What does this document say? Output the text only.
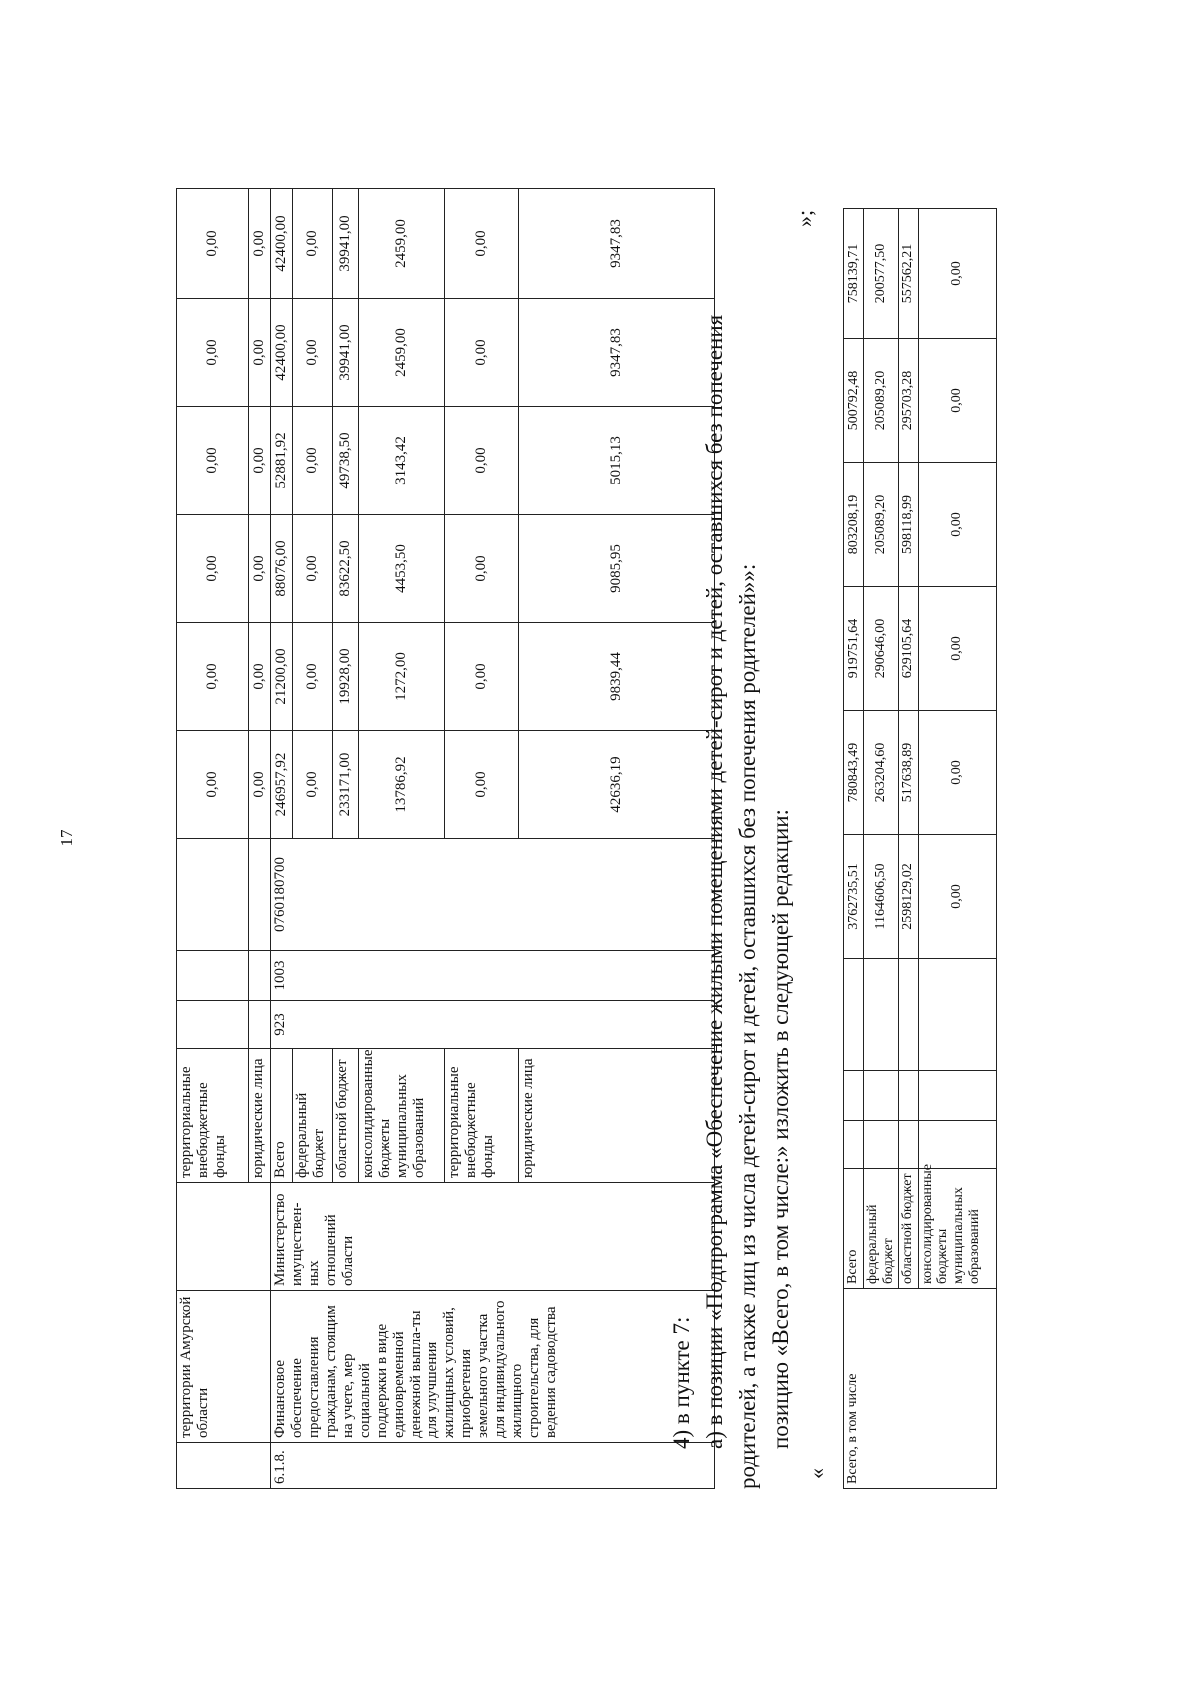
17
	территории Амурской области		территориальные внебюджетные фонды				0,00	0,00	0,00	0,00	0,00	0,00
			юридические лица				0,00	0,00	0,00	0,00	0,00	0,00
6.1.8.	Финансовое обеспечение предоставления гражданам, стоящим на учете, мер социальной поддержки в виде единовременной денежной выпла-ты для улучшения жилищных условий, приобретения земельного участка для индивидуального жилищного строительства, для ведения садоводства	Министерство имуществен-ных отношений области	Всего	923	1003	0760180700	246957,92	21200,00	88076,00	52881,92	42400,00	42400,00
			федеральный бюджет				0,00	0,00	0,00	0,00	0,00	0,00
			областной бюджет				233171,00	19928,00	83622,50	49738,50	39941,00	39941,00
			консолидированные бюджеты муниципальных образований				13786,92	1272,00	4453,50	3143,42	2459,00	2459,00
			территориальные внебюджетные фонды				0,00	0,00	0,00	0,00	0,00	0,00
			юридические лица				42636,19	9839,44	9085,95	5015,13	9347,83	9347,83
»;

4) в пункте 7: а) в позиции «Подпрограмма «Обеспечение жилыми помещениями детей-сирот и детей, оставшихся без попечения родителей, а также лиц из числа детей-сирот и детей, оставшихся без попечения родителей»»: позицию «Всего, в том числе:» изложить в следующей редакции:

« Всего, в том числе	Всего				3762735,51	780843,49	919751,64	803208,19	500792,48	758139,71
	федеральный бюджет				1164606,50	263204,60	290646,00	205089,20	205089,20	200577,50
	областной бюджет				2598129,02	517638,89	629105,64	598118,99	295703,28	557562,21
	консолидированные бюджеты муниципальных образований				0,00	0,00	0,00	0,00	0,00	0,00
